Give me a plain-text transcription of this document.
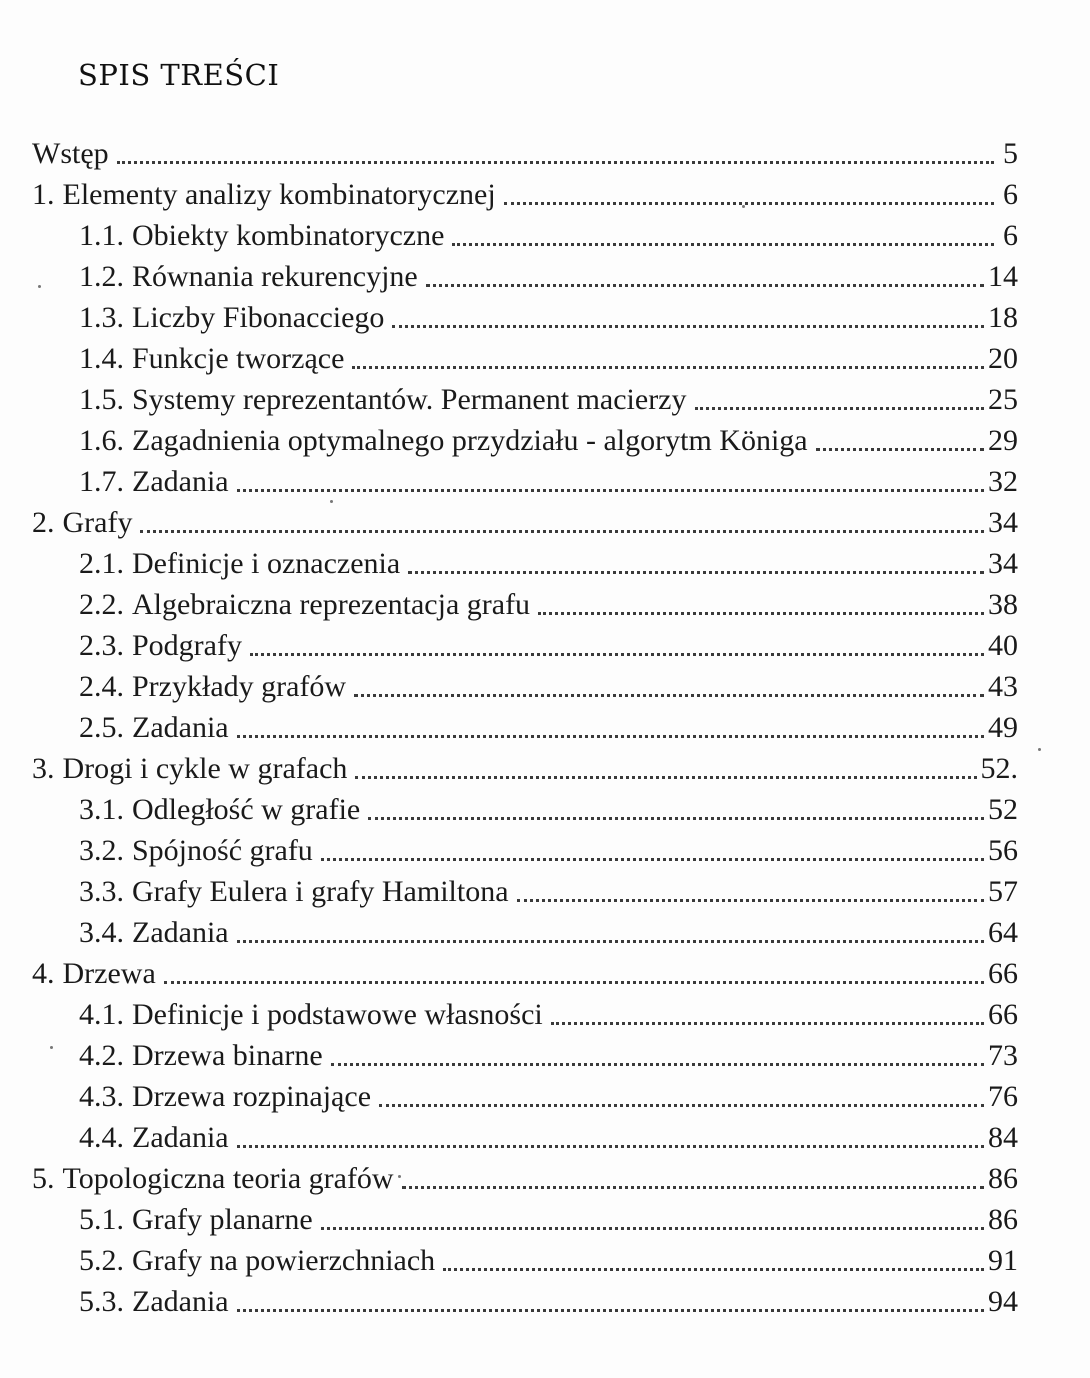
SPIS TREŚCI
Wstęp	5
1. Elementy analizy kombinatorycznej	6
1.1. Obiekty kombinatoryczne	6
1.2. Równania rekurencyjne	14
1.3. Liczby Fibonacciego	18
1.4. Funkcje tworzące	20
1.5. Systemy reprezentantów. Permanent macierzy	25
1.6. Zagadnienia optymalnego przydziału - algorytm Königa	29
1.7. Zadania	32
2. Grafy	34
2.1. Definicje i oznaczenia	34
2.2. Algebraiczna reprezentacja grafu	38
2.3. Podgrafy	40
2.4. Przykłady grafów	43
2.5. Zadania	49
3. Drogi i cykle w grafach	52.
3.1. Odległość w grafie	52
3.2. Spójność grafu	56
3.3. Grafy Eulera i grafy Hamiltona	57
3.4. Zadania	64
4. Drzewa	66
4.1. Definicje i podstawowe własności	66
4.2. Drzewa binarne	73
4.3. Drzewa rozpinające	76
4.4. Zadania	84
5. Topologiczna teoria grafów	86
5.1. Grafy planarne	86
5.2. Grafy na powierzchniach	91
5.3. Zadania	94
